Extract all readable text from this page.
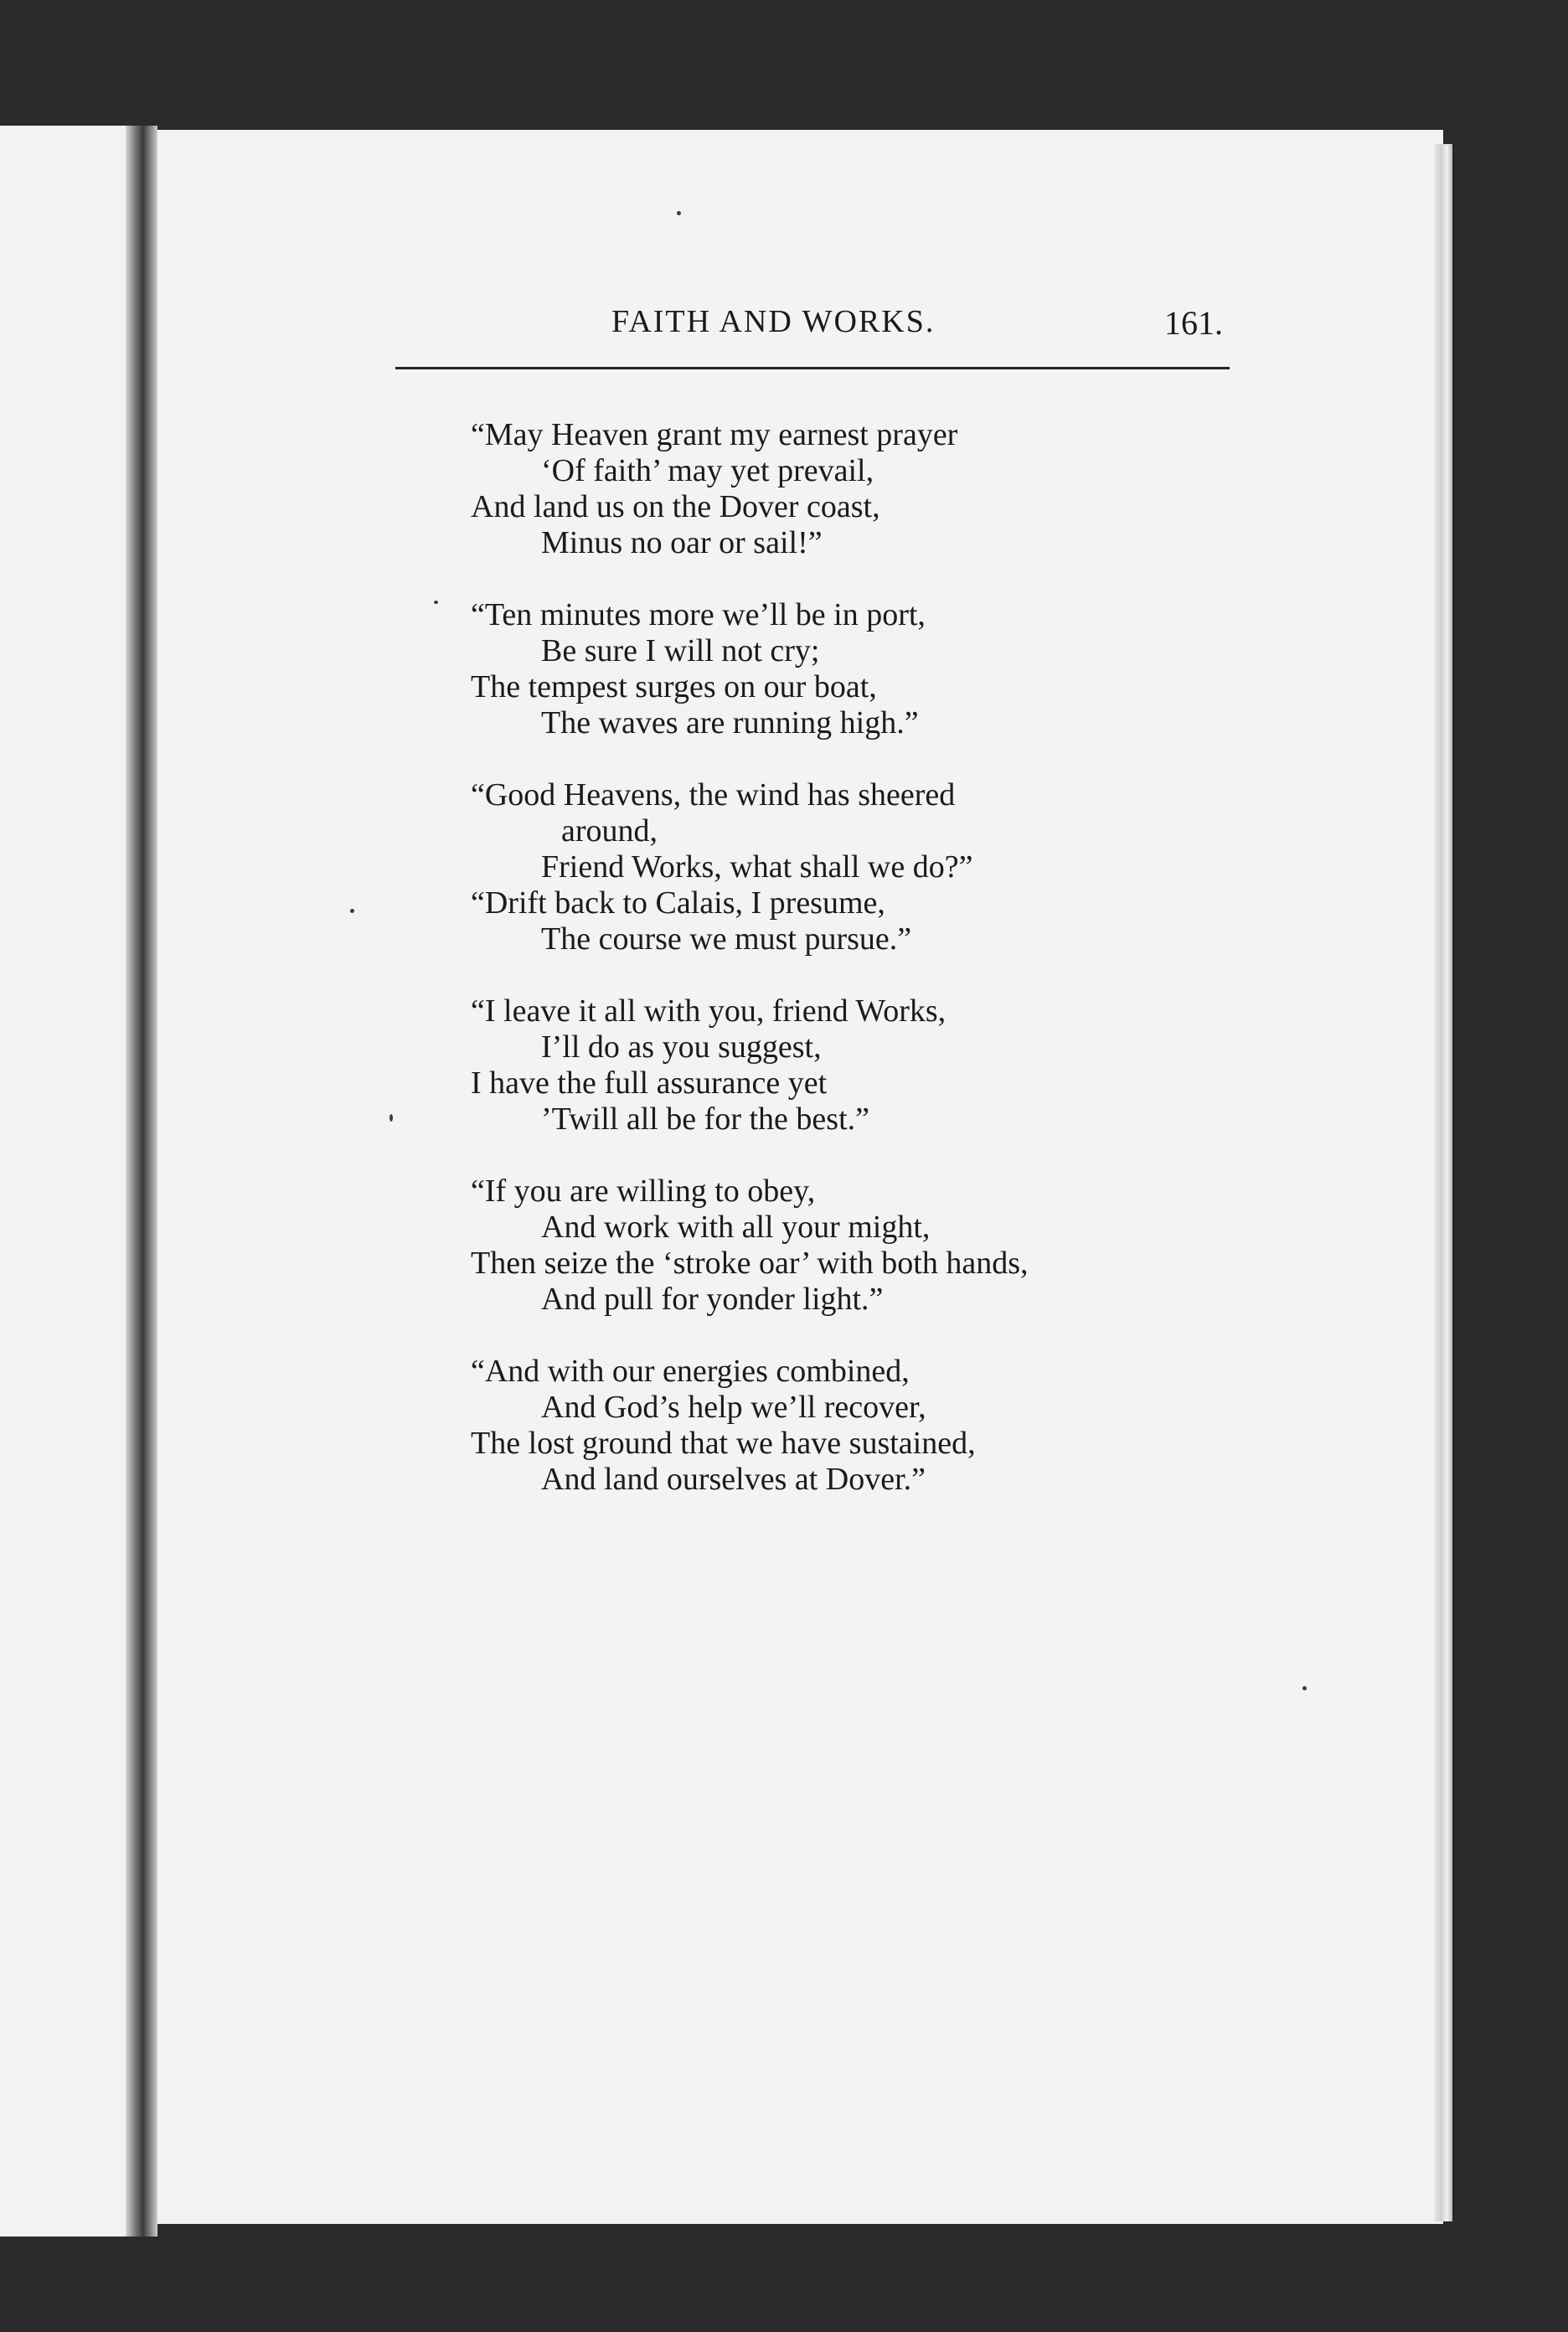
FAITH AND WORKS.	161.
“May Heaven grant my earnest prayer
‘Of faith’ may yet prevail,
And land us on the Dover coast,
Minus no oar or sail!”
“Ten minutes more we’ll be in port,
Be sure I will not cry;
The tempest surges on our boat,
The waves are running high.”
“Good Heavens, the wind has sheered
around,
Friend Works, what shall we do?”
“Drift back to Calais, I presume,
The course we must pursue.”
“I leave it all with you, friend Works,
I’ll do as you suggest,
I have the full assurance yet
’Twill all be for the best.”
“If you are willing to obey,
And work with all your might,
Then seize the ‘stroke oar’ with both hands,
And pull for yonder light.”
“And with our energies combined,
And God’s help we’ll recover,
The lost ground that we have sustained,
And land ourselves at Dover.”
